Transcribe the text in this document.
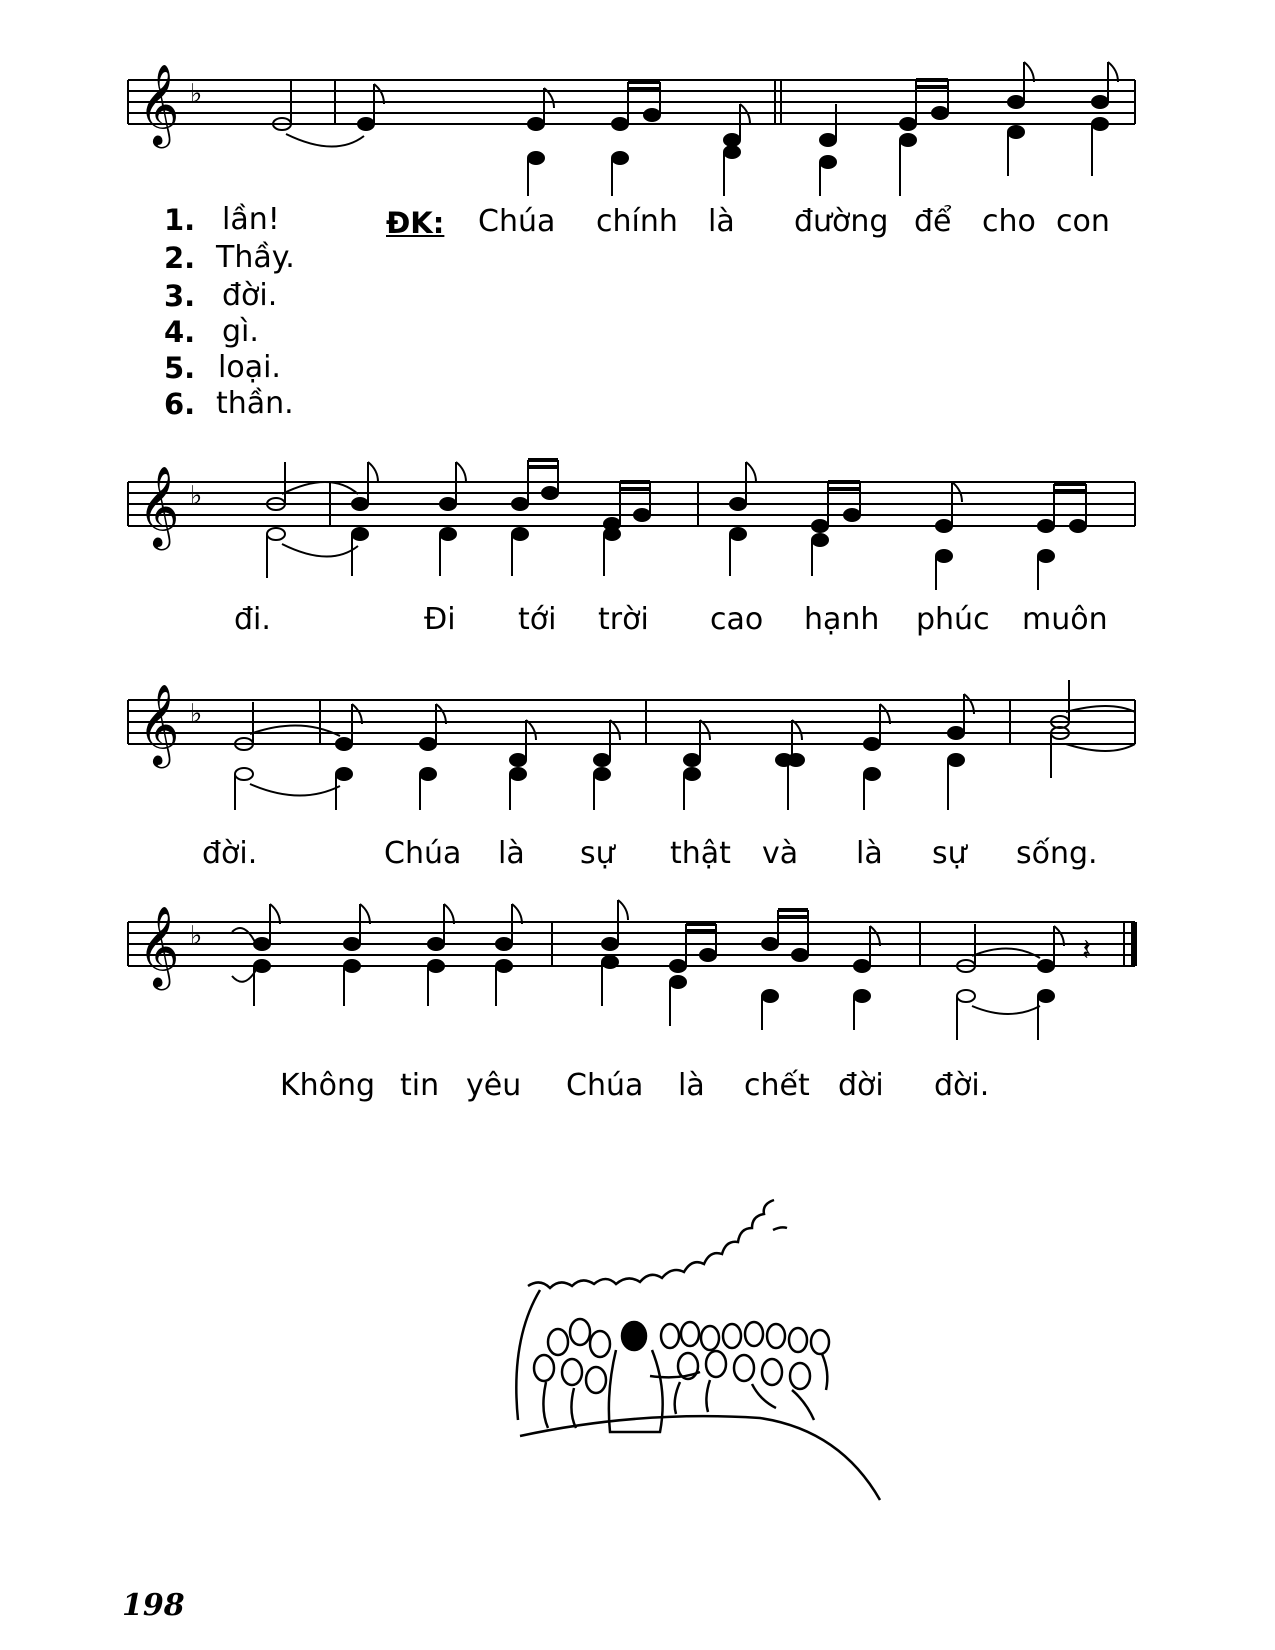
𝄞 ♭
𝄞 ♭
𝄞 ♭
𝄞 ♭	𝄽
1. lần!
2. Thầy.
3. đời.
4. gì.
5. loại.
6. thần.
ĐK: Chúa chính là đường để cho con
đi.	Đi tới trời cao hạnh phúc muôn
đời.	Chúa là sự thật và là sự sống.
Không tin yêu Chúa là chết đời đời.
198
